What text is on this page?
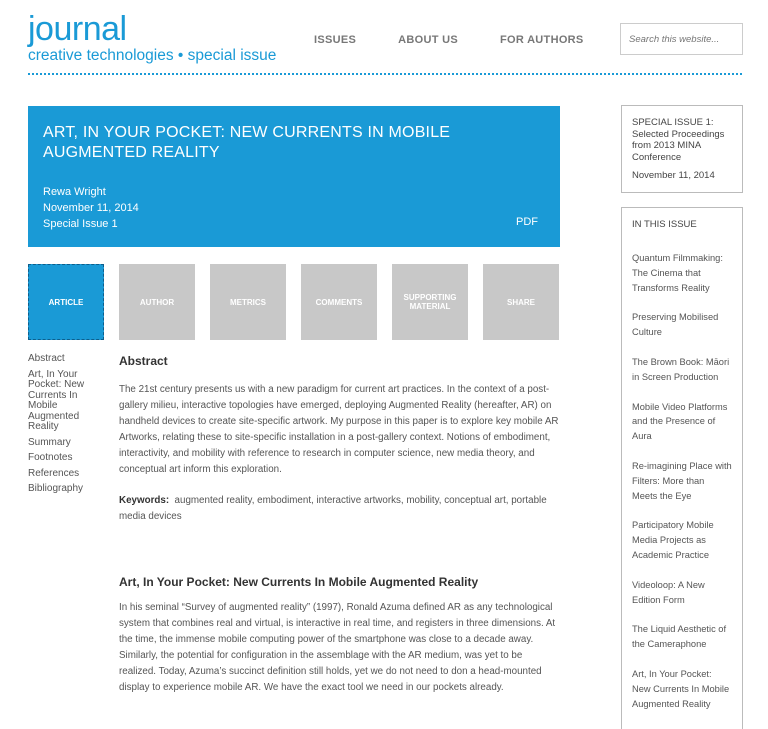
journal
creative technologies • special issue
ISSUES	ABOUT US	FOR AUTHORS
Search this website...
ART, IN YOUR POCKET: NEW CURRENTS IN MOBILE AUGMENTED REALITY
Rewa Wright
November 11, 2014
Special Issue 1	PDF
ARTICLE	AUTHOR	METRICS	COMMENTS	SUPPORTING MATERIAL	SHARE
Abstract
Art, In Your Pocket: New Currents In Mobile Augmented Reality
Summary
Footnotes
References
Bibliography
Abstract
The 21st century presents us with a new paradigm for current art practices. In the context of a post-gallery milieu, interactive topologies have emerged, deploying Augmented Reality (hereafter, AR) on handheld devices to create site-specific artwork. My purpose in this paper is to explore key mobile AR Artworks, relating these to site-specific installation in a post-gallery context. Notions of embodiment, interactivity, and mobility with reference to research in computer science, new media theory, and conceptual art inform this exploration.
Keywords: augmented reality, embodiment, interactive artworks, mobility, conceptual art, portable media devices
Art, In Your Pocket: New Currents In Mobile Augmented Reality
In his seminal “Survey of augmented reality” (1997), Ronald Azuma defined AR as any technological system that combines real and virtual, is interactive in real time, and registers in three dimensions. At the time, the immense mobile computing power of the smartphone was close to a decade away. Similarly, the potential for configuration in the assemblage with the AR medium, was yet to be realized. Today, Azuma’s succinct definition still holds, yet we do not need to don a head-mounted display to experience mobile AR. We have the exact tool we need in our pockets already.
SPECIAL ISSUE 1: Selected Proceedings from 2013 MINA Conference
November 11, 2014
IN THIS ISSUE
Quantum Filmmaking: The Cinema that Transforms Reality
Preserving Mobilised Culture
The Brown Book: Māori in Screen Production
Mobile Video Platforms and the Presence of Aura
Re-imagining Place with Filters: More than Meets the Eye
Participatory Mobile Media Projects as Academic Practice
Videoloop: A New Edition Form
The Liquid Aesthetic of the Cameraphone
Art, In Your Pocket: New Currents In Mobile Augmented Reality
